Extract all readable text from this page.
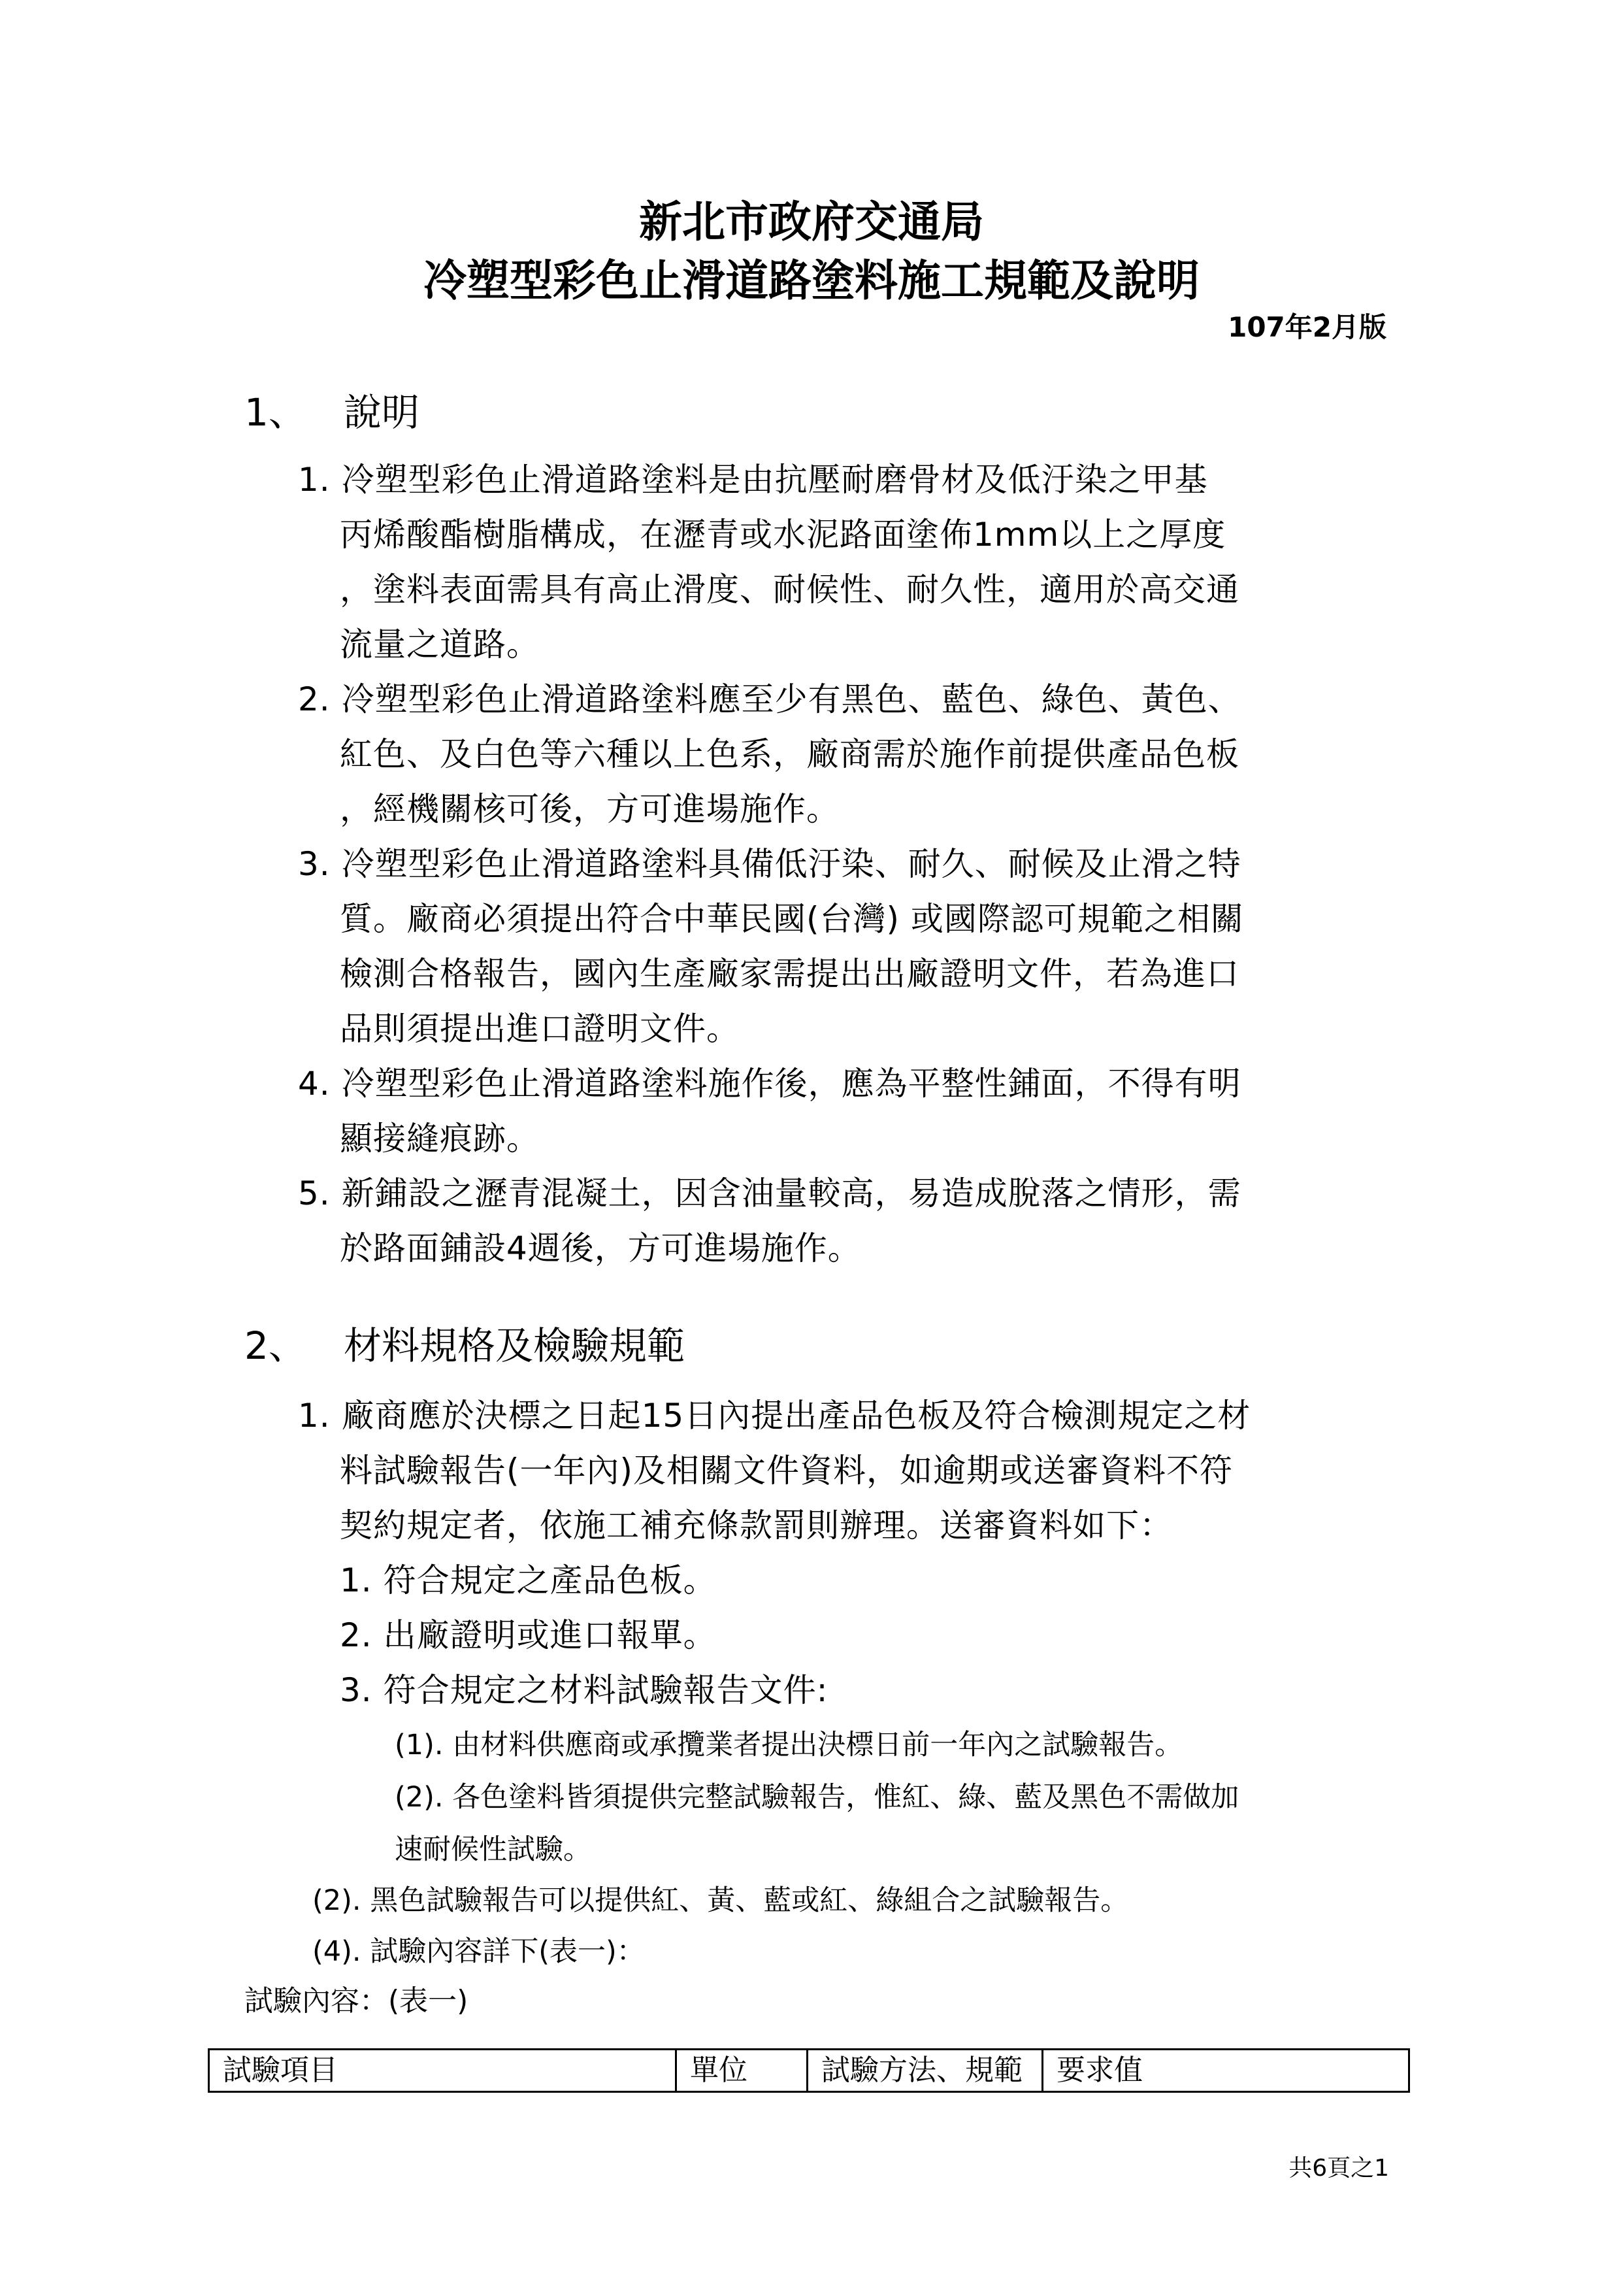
新北市政府交通局
冷塑型彩色止滑道路塗料施工規範及說明
107年2月版
1、 說明
1. 冷塑型彩色止滑道路塗料是由抗壓耐磨骨材及低汙染之甲基
丙烯酸酯樹脂構成，在瀝青或水泥路面塗佈1mm以上之厚度
，塗料表面需具有高止滑度、耐候性、耐久性，適用於高交通
流量之道路。
2. 冷塑型彩色止滑道路塗料應至少有黑色、藍色、綠色、黃色、
紅色、及白色等六種以上色系，廠商需於施作前提供產品色板
，經機關核可後，方可進場施作。
3. 冷塑型彩色止滑道路塗料具備低汙染、耐久、耐候及止滑之特
質。廠商必須提出符合中華民國(台灣) 或國際認可規範之相關
檢測合格報告，國內生產廠家需提出出廠證明文件，若為進口
品則須提出進口證明文件。
4. 冷塑型彩色止滑道路塗料施作後，應為平整性鋪面，不得有明
顯接縫痕跡。
5. 新鋪設之瀝青混凝土，因含油量較高，易造成脫落之情形，需
於路面鋪設4週後，方可進場施作。
2、 材料規格及檢驗規範
1. 廠商應於決標之日起15日內提出產品色板及符合檢測規定之材
料試驗報告(一年內)及相關文件資料，如逾期或送審資料不符
契約規定者，依施工補充條款罰則辦理。送審資料如下：
1. 符合規定之產品色板。
2. 出廠證明或進口報單。
3. 符合規定之材料試驗報告文件:
(1). 由材料供應商或承攬業者提出決標日前一年內之試驗報告。
(2). 各色塗料皆須提供完整試驗報告，惟紅、綠、藍及黑色不需做加
速耐候性試驗。
(2). 黑色試驗報告可以提供紅、黃、藍或紅、綠組合之試驗報告。
(4). 試驗內容詳下(表一)：
試驗內容：(表一)
試驗項目	單位	試驗方法、規範	要求值
共6頁之1
